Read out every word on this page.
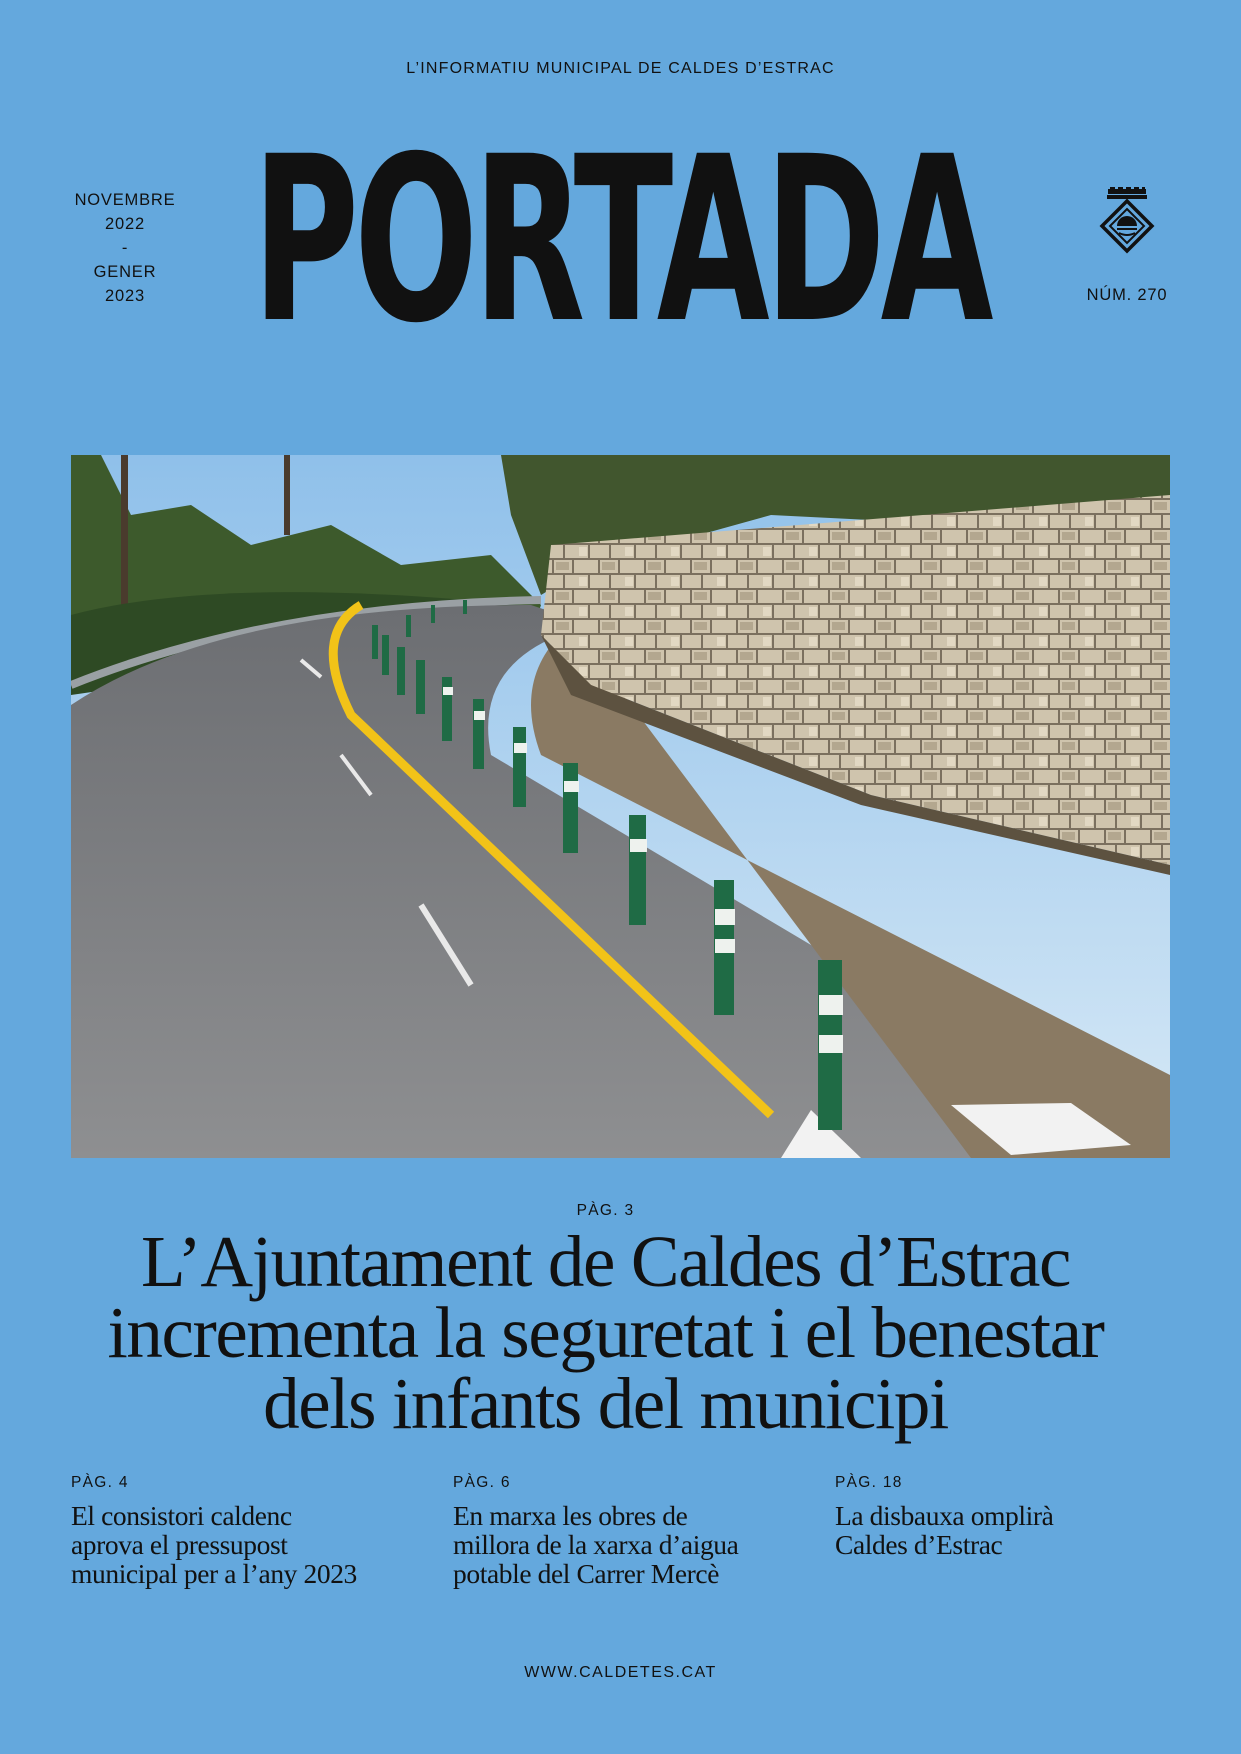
L’INFORMATIU MUNICIPAL DE CALDES D’ESTRAC
NOVEMBRE
2022
-
GENER
2023 PORTADA	NÚM. 270
PÀG. 3
L’Ajuntament de Caldes d’Estrac
incrementa la seguretat i el benestar
dels infants del municipi
PÀG. 4
El consistori caldenc
aprova el pressupost
municipal per a l’any 2023
PÀG. 6
En marxa les obres de
millora de la xarxa d’aigua
potable del Carrer Mercè
PÀG. 18
La disbauxa omplirà
Caldes d’Estrac
WWW.CALDETES.CAT
